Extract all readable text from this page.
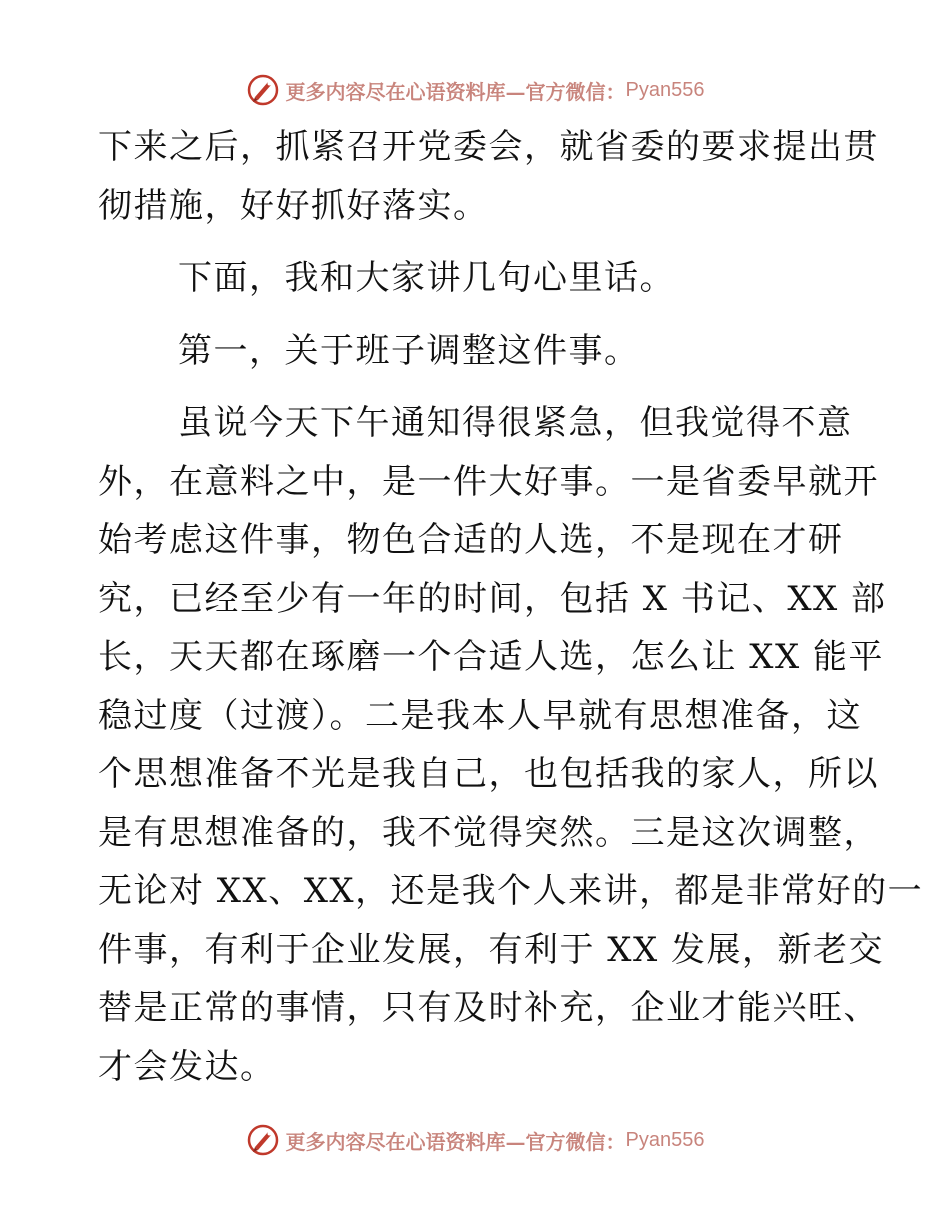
更多内容尽在心语资料库—官方微信： Pyan556
下来之后，抓紧召开党委会，就省委的要求提出贯
彻措施，好好抓好落实。
下面，我和大家讲几句心里话。
第一，关于班子调整这件事。
虽说今天下午通知得很紧急，但我觉得不意
外，在意料之中，是一件大好事。一是省委早就开
始考虑这件事，物色合适的人选，不是现在才研
究，已经至少有一年的时间，包括 X 书记、XX 部
长，天天都在琢磨一个合适人选，怎么让 XX 能平
稳过度（过渡）。二是我本人早就有思想准备，这
个思想准备不光是我自己，也包括我的家人，所以
是有思想准备的，我不觉得突然。三是这次调整，
无论对 XX、XX，还是我个人来讲，都是非常好的一
件事，有利于企业发展，有利于 XX 发展，新老交
替是正常的事情，只有及时补充，企业才能兴旺、
才会发达。
更多内容尽在心语资料库—官方微信： Pyan556
